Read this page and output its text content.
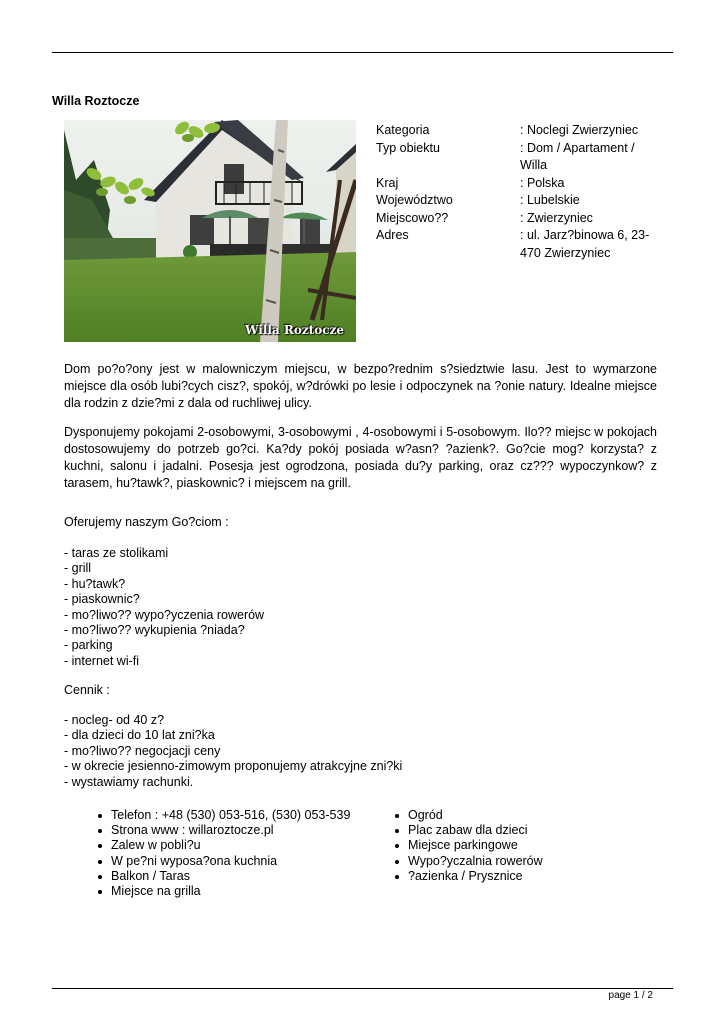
Willa Roztocze
Willa Roztocze
Kategoria	: Noclegi Zwierzyniec
Typ obiektu	: Dom / Apartament / Willa
Kraj	: Polska
Województwo	: Lubelskie
Miejscowo??	: Zwierzyniec
Adres	: ul. Jarz?binowa 6, 23-470 Zwierzyniec
Dom po?o?ony jest w malowniczym miejscu, w bezpo?rednim s?siedztwie lasu. Jest to wymarzone miejsce dla osób lubi?cych cisz?, spokój, w?drówki po lesie i odpoczynek na ?onie natury. Idealne miejsce dla rodzin z dzie?mi z dala od ruchliwej ulicy.
Dysponujemy pokojami 2-osobowymi, 3-osobowymi , 4-osobowymi i 5-osobowym. Ilo?? miejsc w pokojach dostosowujemy do potrzeb go?ci. Ka?dy pokój posiada w?asn? ?azienk?. Go?cie mog? korzysta? z kuchni, salonu i jadalni. Posesja jest ogrodzona, posiada du?y parking, oraz cz??? wypoczynkow? z tarasem, hu?tawk?, piaskownic? i miejscem na grill.
Oferujemy naszym Go?ciom :
- taras ze stolikami
- grill
- hu?tawk?
- piaskownic?
- mo?liwo?? wypo?yczenia rowerów
- mo?liwo?? wykupienia ?niada?
- parking
- internet wi-fi
Cennik :
- nocleg- od 40 z?
- dla dzieci do 10 lat zni?ka
- mo?liwo?? negocjacji ceny
- w okrecie jesienno-zimowym proponujemy atrakcyjne zni?ki
- wystawiamy rachunki.
Telefon : +48 (530) 053-516, (530) 053-539
Strona www : willaroztocze.pl
Zalew w pobli?u
W pe?ni wyposa?ona kuchnia
Balkon / Taras
Miejsce na grilla
Ogród
Plac zabaw dla dzieci
Miejsce parkingowe
Wypo?yczalnia rowerów
?azienka / Prysznice
page 1 / 2
